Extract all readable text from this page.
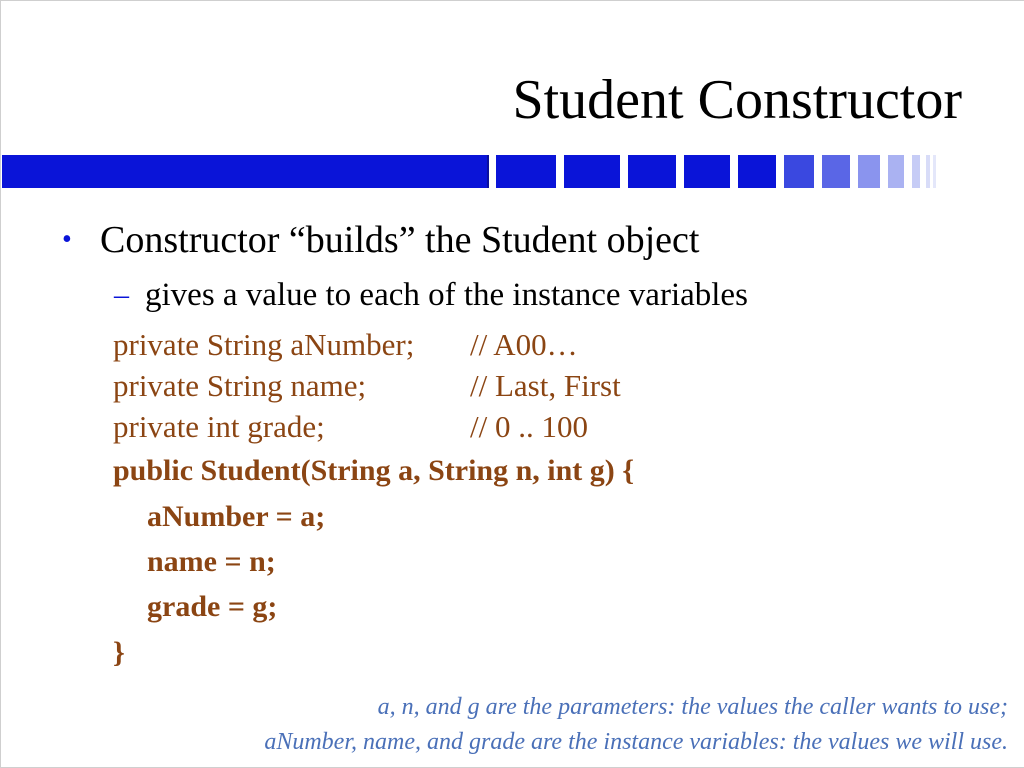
Student Constructor
• Constructor “builds” the Student object
– gives a value to each of the instance variables
private String aNumber; // A00…
private String name;	// Last, First
private int grade;	// 0 .. 100
public Student(String a, String n, int g) {
aNumber = a;
name = n;
grade = g;
}
a, n, and g are the parameters: the values the caller wants to use;
aNumber, name, and grade are the instance variables: the values we will use.
